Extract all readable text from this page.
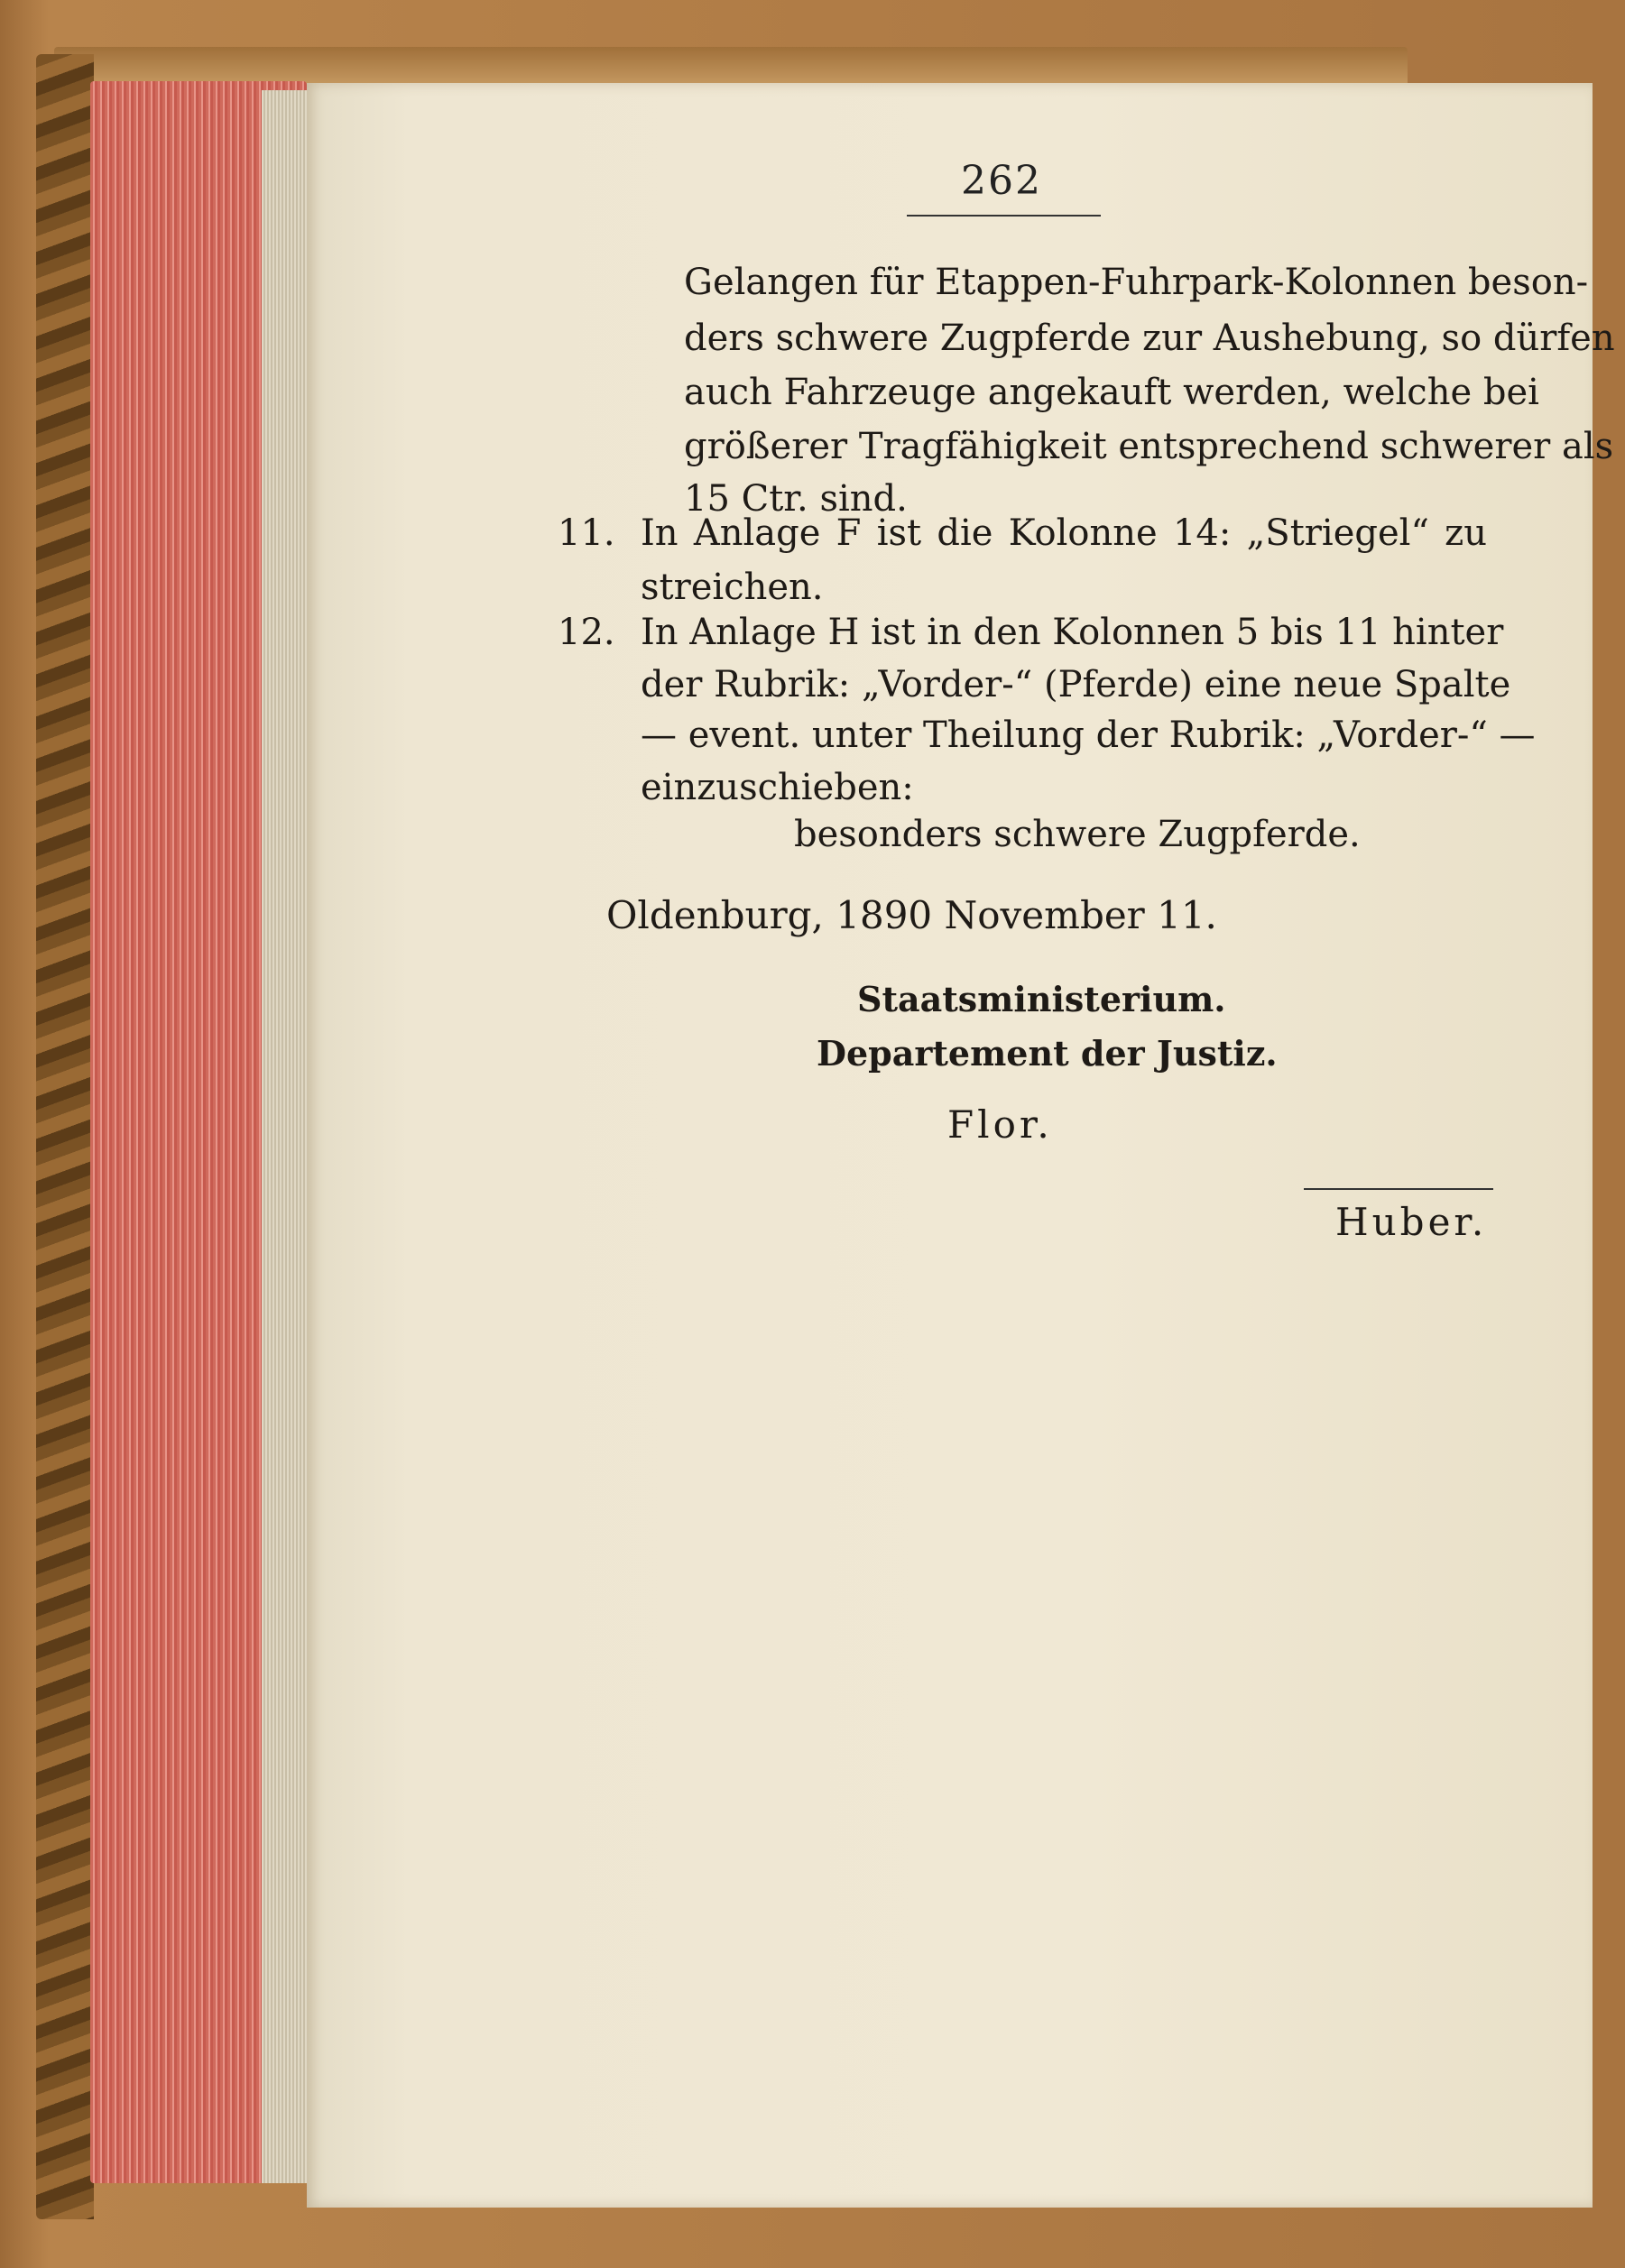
262
Gelangen für Etappen-Fuhrpark-Kolonnen beson-
ders schwere Zugpferde zur Aushebung, so dürfen
auch Fahrzeuge angekauft werden, welche bei
größerer Tragfähigkeit entsprechend schwerer als
15 Ctr. sind.
11. In Anlage F ist die Kolonne 14: „Striegel“ zu
streichen.
12. In Anlage H ist in den Kolonnen 5 bis 11 hinter
der Rubrik: „Vorder-“ (Pferde) eine neue Spalte
— event. unter Theilung der Rubrik: „Vorder-“ —
einzuschieben:
besonders schwere Zugpferde.
Oldenburg, 1890 November 11.
Staatsministerium.
Departement der Justiz.
Flor.
Huber.
